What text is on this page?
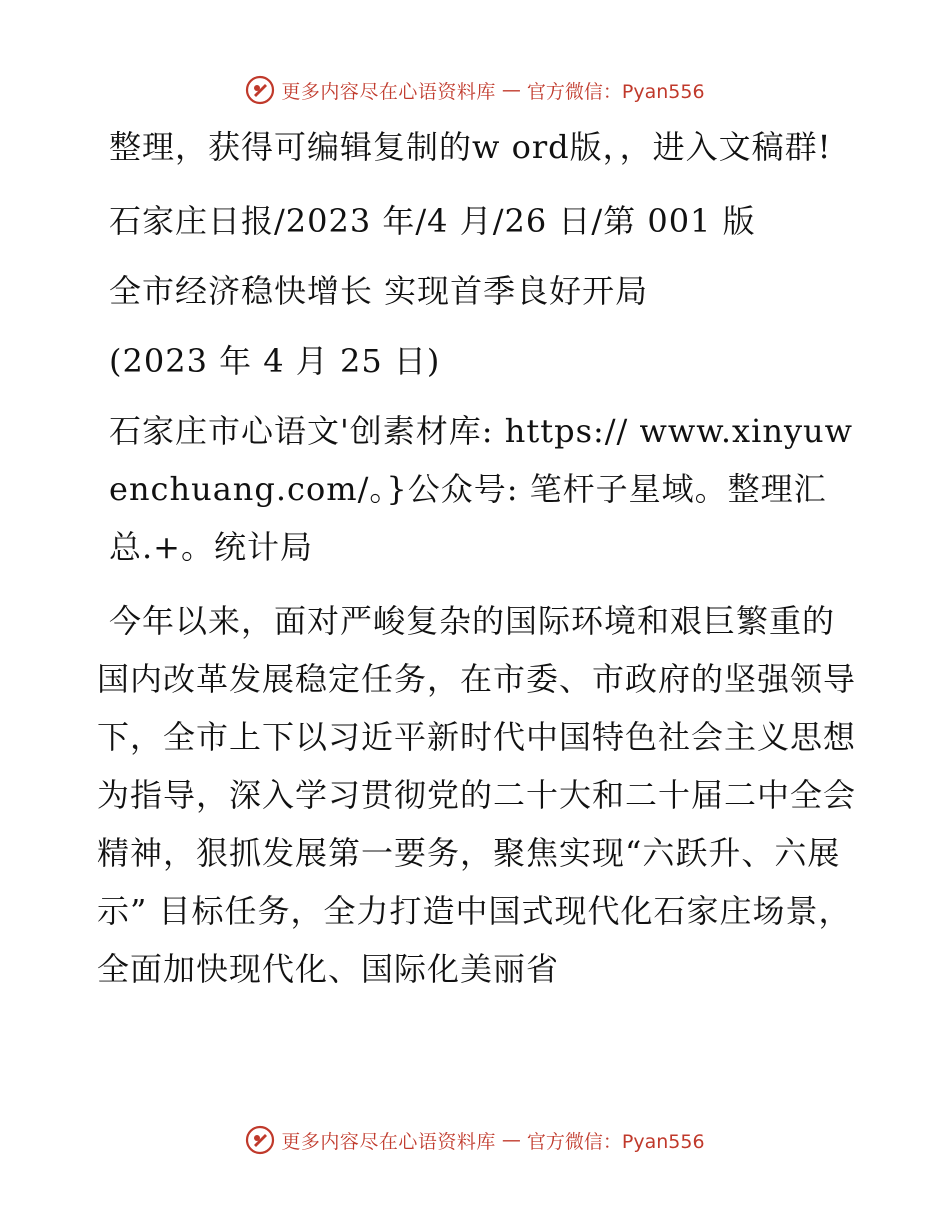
更多内容尽在心语资料库 — 官方微信：Pyan556

整理，获得可编辑复制的w ord版，，进入文稿群!

石家庄日报/2023 年/4 月/26 日/第 001 版

全市经济稳快增长 实现首季良好开局

(2023 年 4 月 25 日)

石家庄市心语文'创素材库: https:// www.xinyuwenchuang.com/。}公众号: 笔杆子星域。整理汇总.+。统计局

今年以来，面对严峻复杂的国际环境和艰巨繁重的国内改革发展稳定任务，在市委、市政府的坚强领导下，全市上下以习近平新时代中国特色社会主义思想为指导，深入学习贯彻党的二十大和二十届二中全会精神，狠抓发展第一要务，聚焦实现“六跃升、六展示” 目标任务，全力打造中国式现代化石家庄场景，全面加快现代化、国际化美丽省

更多内容尽在心语资料库 — 官方微信：Pyan556
